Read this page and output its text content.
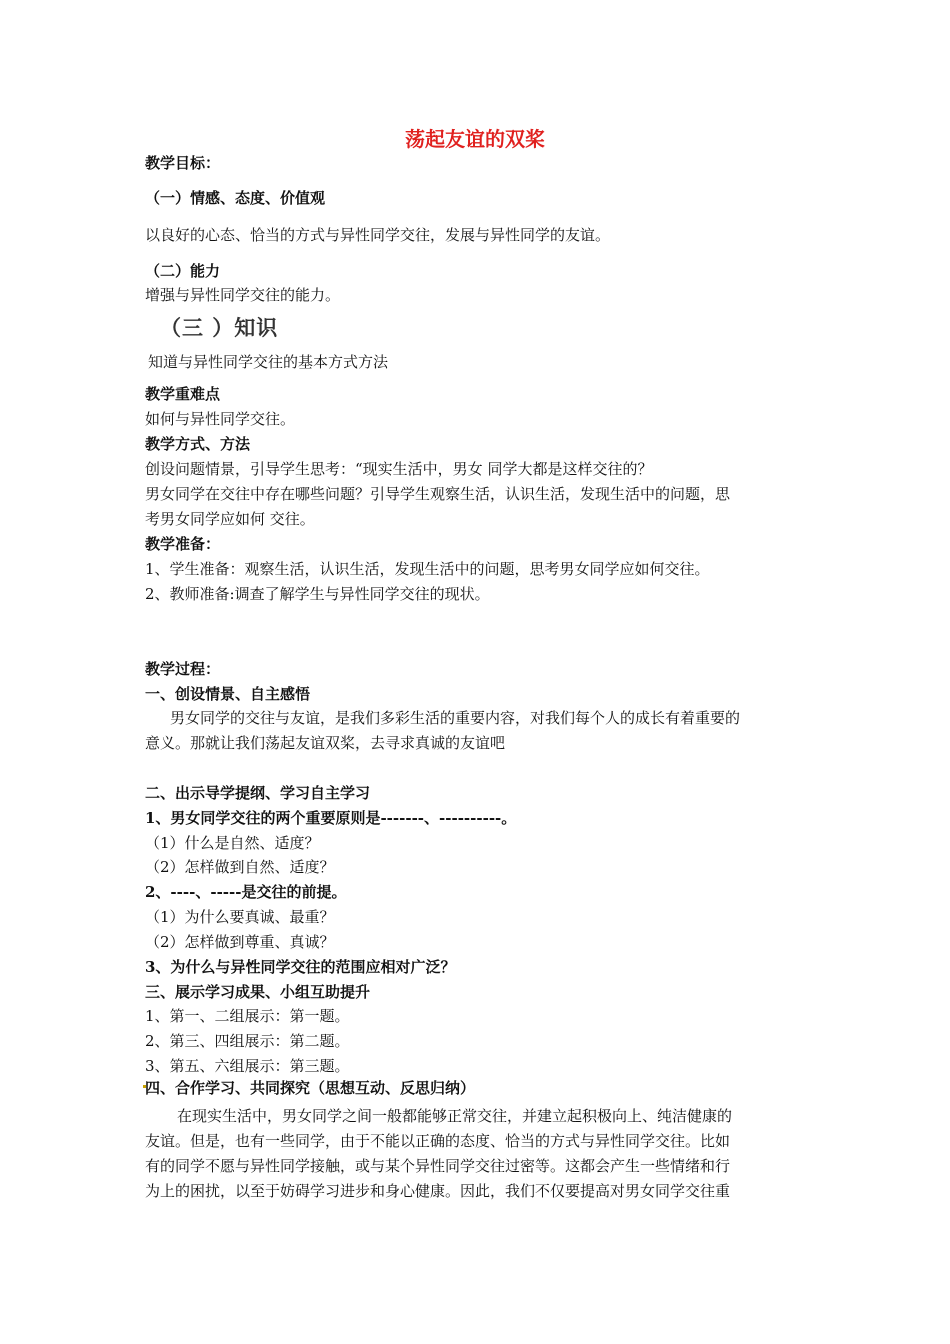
荡起友谊的双桨
教学目标：
（一）情感、态度、价值观
以良好的心态、恰当的方式与异性同学交往，发展与异性同学的友谊。
（二）能力
增强与异性同学交往的能力。
（三 ）知识
知道与异性同学交往的基本方式方法
教学重难点
如何与异性同学交往。
教学方式、方法
创设问题情景，引导学生思考：“现实生活中，男女 同学大都是这样交往的？
男女同学在交往中存在哪些问题？引导学生观察生活，认识生活，发现生活中的问题，思
考男女同学应如何 交往。
教学准备：
1、学生准备：观察生活，认识生活，发现生活中的问题，思考男女同学应如何交往。
2、教师准备:调查了解学生与异性同学交往的现状。
教学过程：
一、创设情景、自主感悟
男女同学的交往与友谊，是我们多彩生活的重要内容，对我们每个人的成长有着重要的
意义。那就让我们荡起友谊双桨，去寻求真诚的友谊吧
二、出示导学提纲、学习自主学习
1、男女同学交往的两个重要原则是-------、----------。
（1）什么是自然、适度？
（2）怎样做到自然、适度？
2、----、-----是交往的前提。
（1）为什么要真诚、最重？
（2）怎样做到尊重、真诚？
3、为什么与异性同学交往的范围应相对广泛？
三、展示学习成果、小组互助提升
1、第一、二组展示：第一题。
2、第三、四组展示：第二题。
3、第五、六组展示：第三题。
四、合作学习、共同探究（思想互动、反思归纳）
在现实生活中，男女同学之间一般都能够正常交往，并建立起积极向上、纯洁健康的
友谊。但是，也有一些同学，由于不能以正确的态度、恰当的方式与异性同学交往。比如
有的同学不愿与异性同学接触，或与某个异性同学交往过密等。这都会产生一些情绪和行
为上的困扰，以至于妨碍学习进步和身心健康。因此，我们不仅要提高对男女同学交往重
